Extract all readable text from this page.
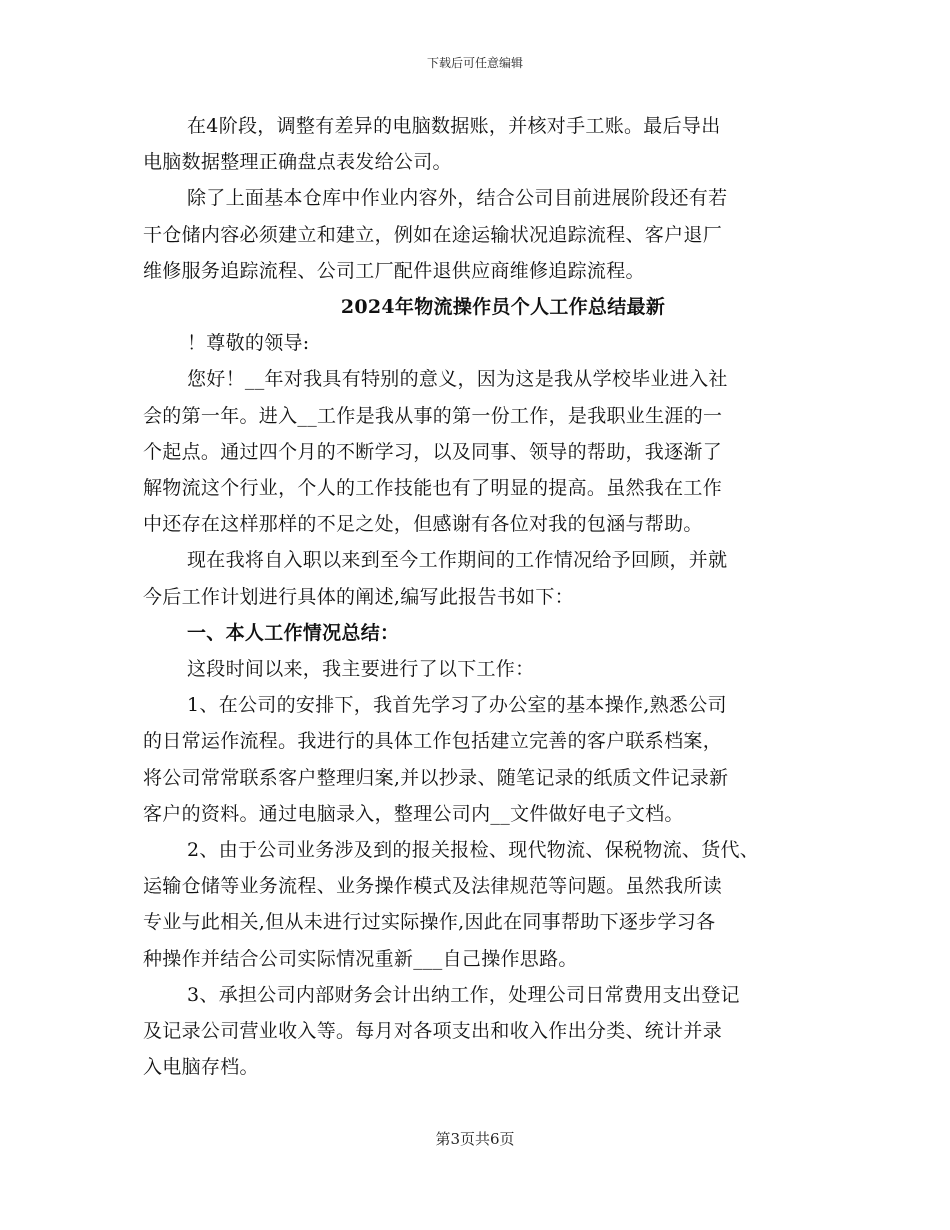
下载后可任意编辑

在4阶段，调整有差异的电脑数据账，并核对手工账。最后导出
电脑数据整理正确盘点表发给公司。

除了上面基本仓库中作业内容外，结合公司目前进展阶段还有若
干仓储内容必须建立和建立，例如在途运输状况追踪流程、客户退厂
维修服务追踪流程、公司工厂配件退供应商维修追踪流程。

2024年物流操作员个人工作总结最新

！尊敬的领导:

您好！__年对我具有特别的意义，因为这是我从学校毕业进入社
会的第一年。进入__工作是我从事的第一份工作，是我职业生涯的一
个起点。通过四个月的不断学习，以及同事、领导的帮助，我逐渐了
解物流这个行业，个人的工作技能也有了明显的提高。虽然我在工作
中还存在这样那样的不足之处，但感谢有各位对我的包涵与帮助。

现在我将自入职以来到至今工作期间的工作情况给予回顾，并就
今后工作计划进行具体的阐述,编写此报告书如下：

一、本人工作情况总结：

这段时间以来，我主要进行了以下工作：

1、在公司的安排下，我首先学习了办公室的基本操作,熟悉公司
的日常运作流程。我进行的具体工作包括建立完善的客户联系档案，
将公司常常联系客户整理归案,并以抄录、随笔记录的纸质文件记录新
客户的资料。通过电脑录入，整理公司内__文件做好电子文档。

2、由于公司业务涉及到的报关报检、现代物流、保税物流、货代、
运输仓储等业务流程、业务操作模式及法律规范等问题。虽然我所读
专业与此相关,但从未进行过实际操作,因此在同事帮助下逐步学习各
种操作并结合公司实际情况重新___自己操作思路。

3、承担公司内部财务会计出纳工作，处理公司日常费用支出登记
及记录公司营业收入等。每月对各项支出和收入作出分类、统计并录
入电脑存档。

第3页共6页
